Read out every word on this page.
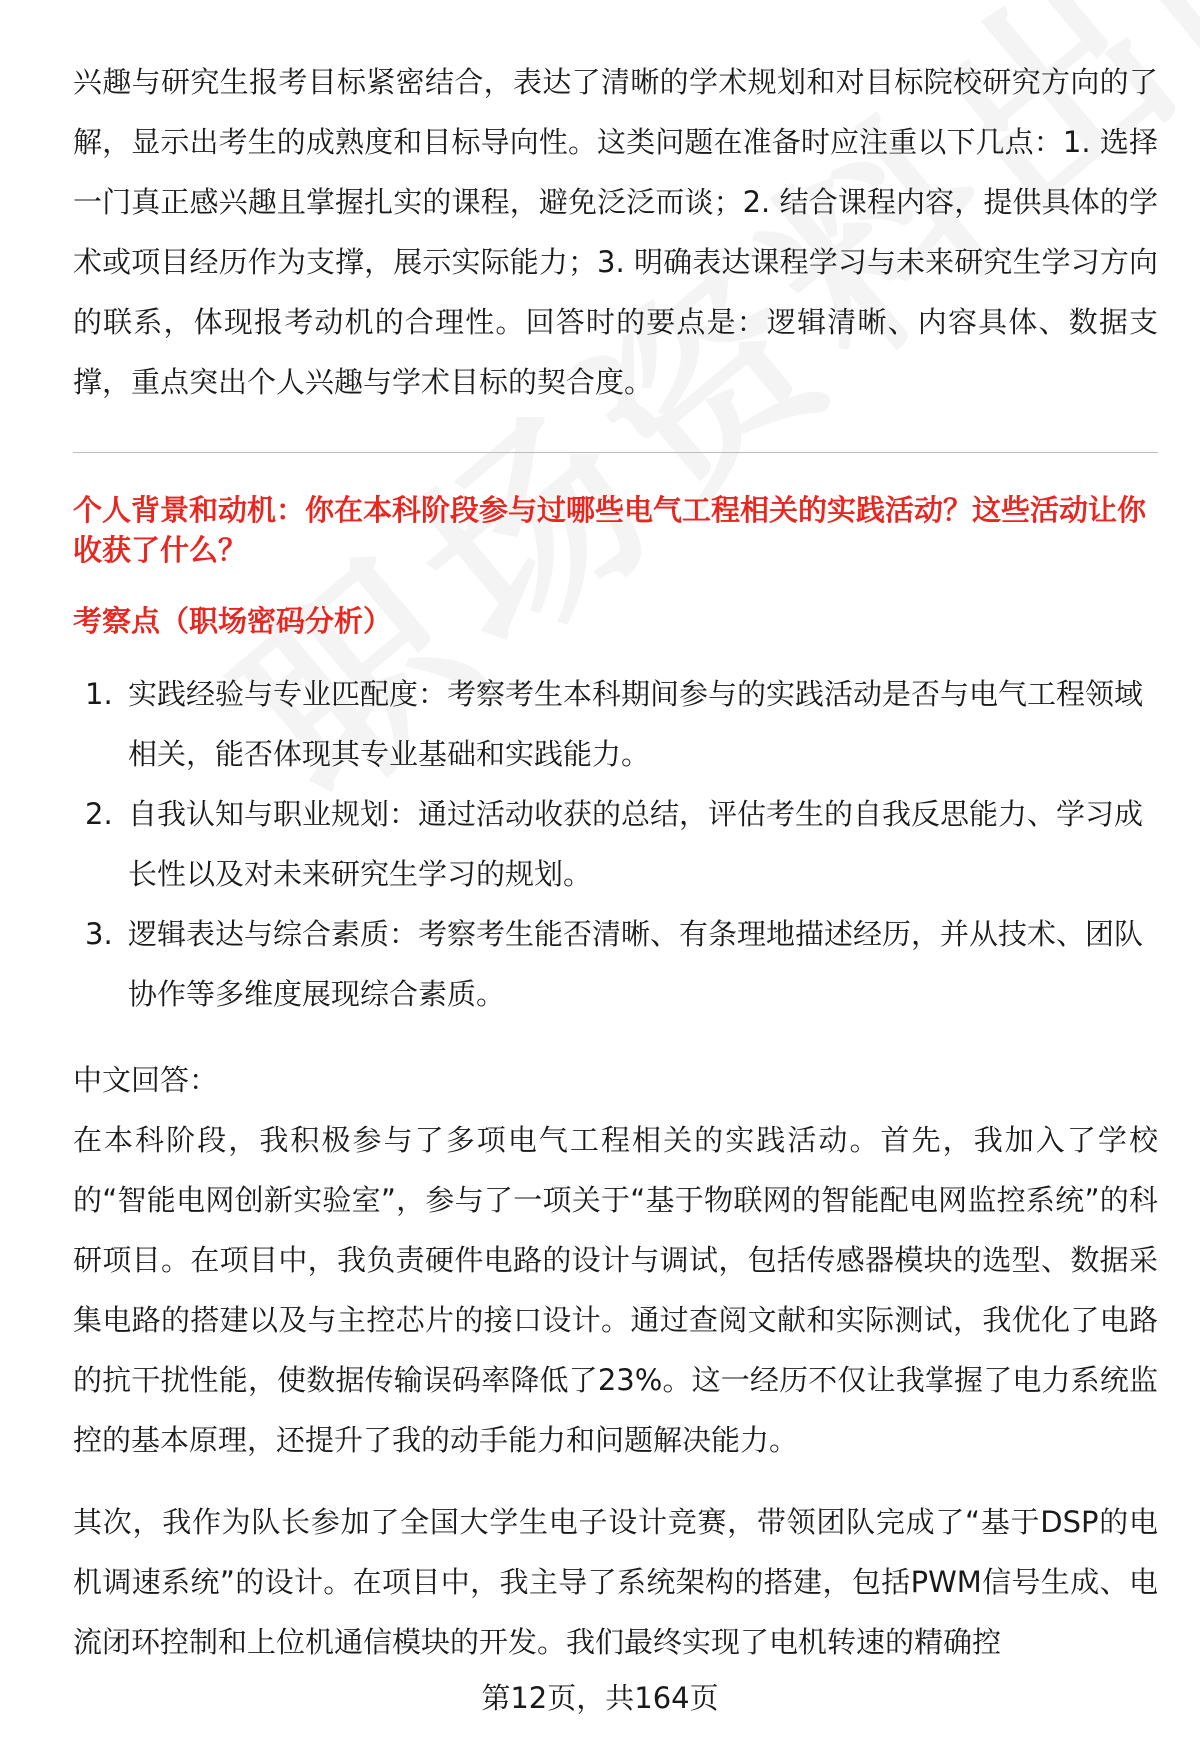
兴趣与研究生报考目标紧密结合，表达了清晰的学术规划和对目标院校研究方向的了解，显示出考生的成熟度和目标导向性。这类问题在准备时应注重以下几点：1. 选择一门真正感兴趣且掌握扎实的课程，避免泛泛而谈；2. 结合课程内容，提供具体的学术或项目经历作为支撑，展示实际能力；3. 明确表达课程学习与未来研究生学习方向的联系，体现报考动机的合理性。回答时的要点是：逻辑清晰、内容具体、数据支撑，重点突出个人兴趣与学术目标的契合度。

个人背景和动机：你在本科阶段参与过哪些电气工程相关的实践活动？这些活动让你收获了什么？
考察点（职场密码分析）
1. 实践经验与专业匹配度：考察考生本科期间参与的实践活动是否与电气工程领域相关，能否体现其专业基础和实践能力。
2. 自我认知与职业规划：通过活动收获的总结，评估考生的自我反思能力、学习成长性以及对未来研究生学习的规划。
3. 逻辑表达与综合素质：考察考生能否清晰、有条理地描述经历，并从技术、团队协作等多维度展现综合素质。
中文回答：

在本科阶段，我积极参与了多项电气工程相关的实践活动。首先，我加入了学校的“智能电网创新实验室”，参与了一项关于“基于物联网的智能配电网监控系统”的科研项目。在项目中，我负责硬件电路的设计与调试，包括传感器模块的选型、数据采集电路的搭建以及与主控芯片的接口设计。通过查阅文献和实际测试，我优化了电路的抗干扰性能，使数据传输误码率降低了23%。这一经历不仅让我掌握了电力系统监控的基本原理，还提升了我的动手能力和问题解决能力。

其次，我作为队长参加了全国大学生电子设计竞赛，带领团队完成了“基于DSP的电机调速系统”的设计。在项目中，我主导了系统架构的搭建，包括PWM信号生成、电流闭环控制和上位机通信模块的开发。我们最终实现了电机转速的精确控

第12页，共164页
